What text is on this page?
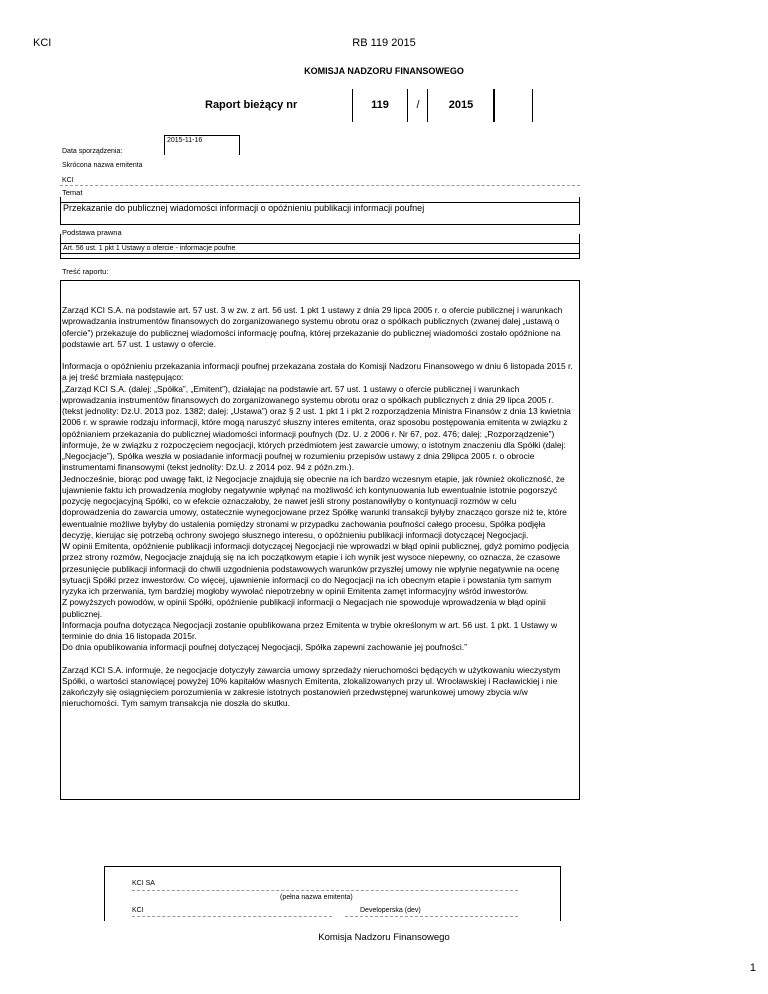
KCI	RB 119 2015
KOMISJA NADZORU FINANSOWEGO
Raport bieżący nr	119	/	2015
Data sporządzenia:
2015-11-16
Skrócona nazwa emitenta
KCI
Temat
Przekazanie do publicznej wiadomości informacji o opóźnieniu publikacji informacji poufnej
Podstawa prawna
Art. 56 ust. 1 pkt 1 Ustawy o ofercie - informacje poufne
Treść raportu:

Zarząd KCI S.A. na podstawie art. 57 ust. 3 w zw. z art. 56 ust. 1 pkt 1 ustawy z dnia 29 lipca 2005 r. o ofercie publicznej i warunkach wprowadzania instrumentów finansowych do zorganizowanego systemu obrotu oraz o spółkach publicznych (zwanej dalej „ustawą o ofercie”) przekazuje do publicznej wiadomości informację poufną, której przekazanie do publicznej wiadomości zostało opóźnione na podstawie art. 57 ust. 1 ustawy o ofercie.

Informacja o opóźnieniu przekazania informacji poufnej przekazana została do Komisji Nadzoru Finansowego w dniu 6 listopada 2015 r. a jej treść brzmiała następująco:
„Zarząd KCI S.A. (dalej: „Spółka”, „Emitent”), działając na podstawie art. 57 ust. 1 ustawy o ofercie publicznej i warunkach wprowadzania instrumentów finansowych do zorganizowanego systemu obrotu oraz o spółkach publicznych z dnia 29 lipca 2005 r. (tekst jednolity: Dz.U. 2013 poz. 1382; dalej: „Ustawa”) oraz § 2 ust. 1 pkt 1 i pkt 2 rozporządzenia Ministra Finansów z dnia 13 kwietnia 2006 r. w sprawie rodzaju informacji, które mogą naruszyć słuszny interes emitenta, oraz sposobu postępowania emitenta w związku z opóźnianiem przekazania do publicznej wiadomości informacji poufnych (Dz. U. z 2006 r. Nr 67, poz. 476; dalej: „Rozporządzenie”) informuje, że w związku z rozpoczęciem negocjacji, których przedmiotem jest zawarcie umowy, o istotnym znaczeniu dla Spółki (dalej: „Negocjacje”), Spółka weszła w posiadanie informacji poufnej w rozumieniu przepisów ustawy z dnia 29lipca 2005 r. o obrocie instrumentami finansowymi (tekst jednolity: Dz.U. z 2014 poz. 94 z późn.zm.).
Jednocześnie, biorąc pod uwagę fakt, iż Negocjacje znajdują się obecnie na ich bardzo wczesnym etapie, jak również okoliczność, że ujawnienie faktu ich prowadzenia mogłoby negatywnie wpłynąć na możliwość ich kontynuowania lub ewentualnie istotnie pogorszyć pozycję negocjacyjną Spółki, co w efekcie oznaczałoby, że nawet jeśli strony postanowiłyby o kontynuacji rozmów w celu doprowadzenia do zawarcia umowy, ostatecznie wynegocjowane przez Spółkę warunki transakcji byłyby znacząco gorsze niż te, które ewentualnie możliwe byłyby do ustalenia pomiędzy stronami w przypadku zachowania poufności całego procesu, Spółka podjęła decyzję, kierując się potrzebą ochrony swojego słusznego interesu, o opóźnieniu publikacji informacji dotyczącej Negocjacji.
W opinii Emitenta, opóźnienie publikacji informacji dotyczącej Negocjacji nie wprowadzi w błąd opinii publicznej, gdyż pomimo podjęcia przez strony rozmów, Negocjacje znajdują się na ich początkowym etapie i ich wynik jest wysoce niepewny, co oznacza, że czasowe przesunięcie publikacji informacji do chwili uzgodnienia podstawowych warunków przyszłej umowy nie wpłynie negatywnie na ocenę sytuacji Spółki przez inwestorów. Co więcej, ujawnienie informacji co do Negocjacji na ich obecnym etapie i powstania tym samym ryzyka ich przerwania, tym bardziej mogłoby wywołać niepotrzebny w opinii Emitenta zamęt informacyjny wśród inwestorów.
Z powyższych powodów, w opinii Spółki, opóźnienie publikacji informacji o Negacjach nie spowoduje wprowadzenia w błąd opinii publicznej.
Informacja poufna dotycząca Negocjacji zostanie opublikowana przez Emitenta w trybie określonym w art. 56 ust. 1 pkt. 1 Ustawy w terminie do dnia 16 listopada 2015r.
Do dnia opublikowania informacji poufnej dotyczącej Negocjacji, Spółka zapewni zachowanie jej poufności.”

Zarząd KCI S.A. informuje, że negocjacje dotyczyły zawarcia umowy sprzedaży nieruchomości będących w użytkowaniu wieczystym Spółki, o wartości stanowiącej powyżej 10% kapitałów własnych Emitenta, zlokalizowanych przy ul. Wrocławskiej i Racławickiej i nie zakończyły się osiągnięciem porozumienia w zakresie istotnych postanowień przedwstępnej warunkowej umowy zbycia w/w nieruchomości. Tym samym transakcja nie doszła do skutku.

KCI SA
(pełna nazwa emitenta)
KCI	Developerska (dev)
Komisja Nadzoru Finansowego
1
